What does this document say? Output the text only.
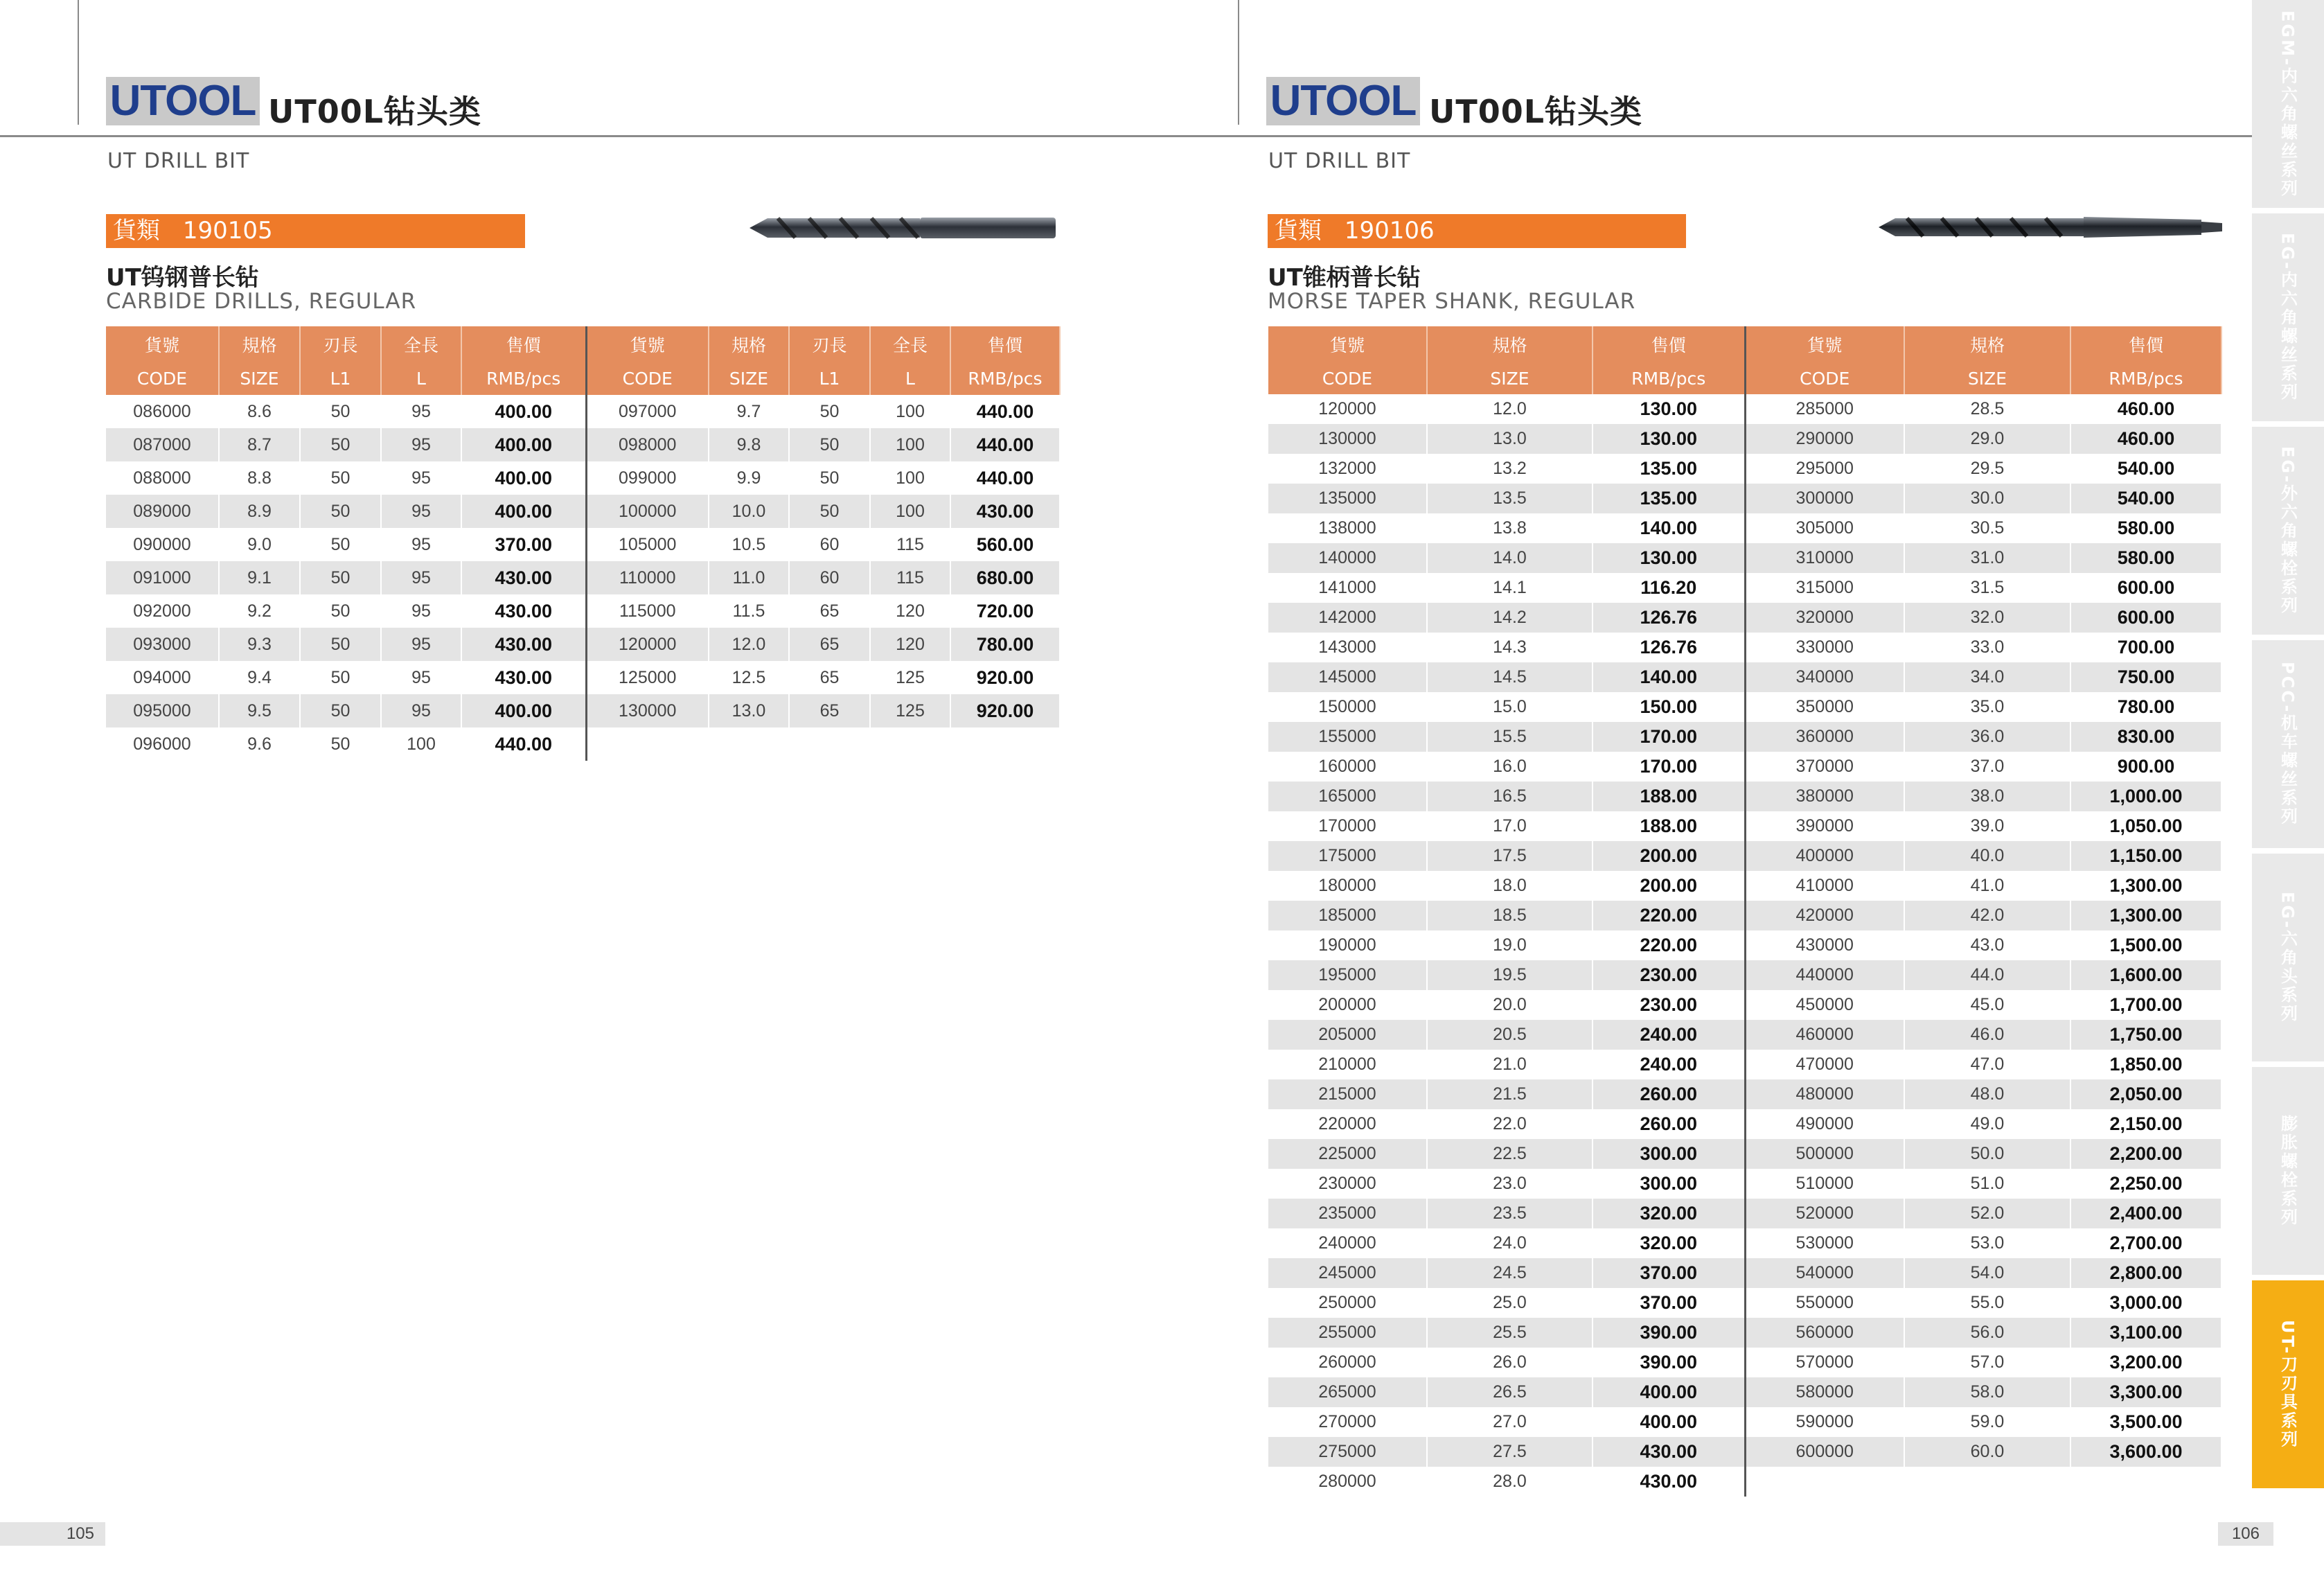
UTOOL UT00L钻头类
UT DRILL BIT
貨類 190105
UT钨钢普长钻
CARBIDE DRILLS, REGULAR
貨號	規格	刃長	全長	售價	貨號	規格	刃長	全長	售價
CODE	SIZE	L1	L	RMB/pcs	CODE	SIZE	L1	L	RMB/pcs
086000	8.6	50	95	400.00	097000	9.7	50	100	440.00
087000	8.7	50	95	400.00	098000	9.8	50	100	440.00
088000	8.8	50	95	400.00	099000	9.9	50	100	440.00
089000	8.9	50	95	400.00	100000	10.0	50	100	430.00
090000	9.0	50	95	370.00	105000	10.5	60	115	560.00
091000	9.1	50	95	430.00	110000	11.0	60	115	680.00
092000	9.2	50	95	430.00	115000	11.5	65	120	720.00
093000	9.3	50	95	430.00	120000	12.0	65	120	780.00
094000	9.4	50	95	430.00	125000	12.5	65	125	920.00
095000	9.5	50	95	400.00	130000	13.0	65	125	920.00
096000	9.6	50	100	440.00					
105
UTOOL UT00L钻头类
UT DRILL BIT
貨類 190106
UT锥柄普长钻
MORSE TAPER SHANK, REGULAR
貨號	規格	售價	貨號	規格	售價
CODE	SIZE	RMB/pcs	CODE	SIZE	RMB/pcs
120000	12.0	130.00	285000	28.5	460.00
130000	13.0	130.00	290000	29.0	460.00
132000	13.2	135.00	295000	29.5	540.00
135000	13.5	135.00	300000	30.0	540.00
138000	13.8	140.00	305000	30.5	580.00
140000	14.0	130.00	310000	31.0	580.00
141000	14.1	116.20	315000	31.5	600.00
142000	14.2	126.76	320000	32.0	600.00
143000	14.3	126.76	330000	33.0	700.00
145000	14.5	140.00	340000	34.0	750.00
150000	15.0	150.00	350000	35.0	780.00
155000	15.5	170.00	360000	36.0	830.00
160000	16.0	170.00	370000	37.0	900.00
165000	16.5	188.00	380000	38.0	1,000.00
170000	17.0	188.00	390000	39.0	1,050.00
175000	17.5	200.00	400000	40.0	1,150.00
180000	18.0	200.00	410000	41.0	1,300.00
185000	18.5	220.00	420000	42.0	1,300.00
190000	19.0	220.00	430000	43.0	1,500.00
195000	19.5	230.00	440000	44.0	1,600.00
200000	20.0	230.00	450000	45.0	1,700.00
205000	20.5	240.00	460000	46.0	1,750.00
210000	21.0	240.00	470000	47.0	1,850.00
215000	21.5	260.00	480000	48.0	2,050.00
220000	22.0	260.00	490000	49.0	2,150.00
225000	22.5	300.00	500000	50.0	2,200.00
230000	23.0	300.00	510000	51.0	2,250.00
235000	23.5	320.00	520000	52.0	2,400.00
240000	24.0	320.00	530000	53.0	2,700.00
245000	24.5	370.00	540000	54.0	2,800.00
250000	25.0	370.00	550000	55.0	3,000.00
255000	25.5	390.00	560000	56.0	3,100.00
260000	26.0	390.00	570000	57.0	3,200.00
265000	26.5	400.00	580000	58.0	3,300.00
270000	27.0	400.00	590000	59.0	3,500.00
275000	27.5	430.00	600000	60.0	3,600.00
280000	28.0	430.00			
106
EGM-内六角螺丝系列
EG-内六角螺丝系列
EG-外六角螺栓系列
PCC-机车螺丝系列
EG-六角头系列
膨胀螺栓系列
UT-刀刃具系列
